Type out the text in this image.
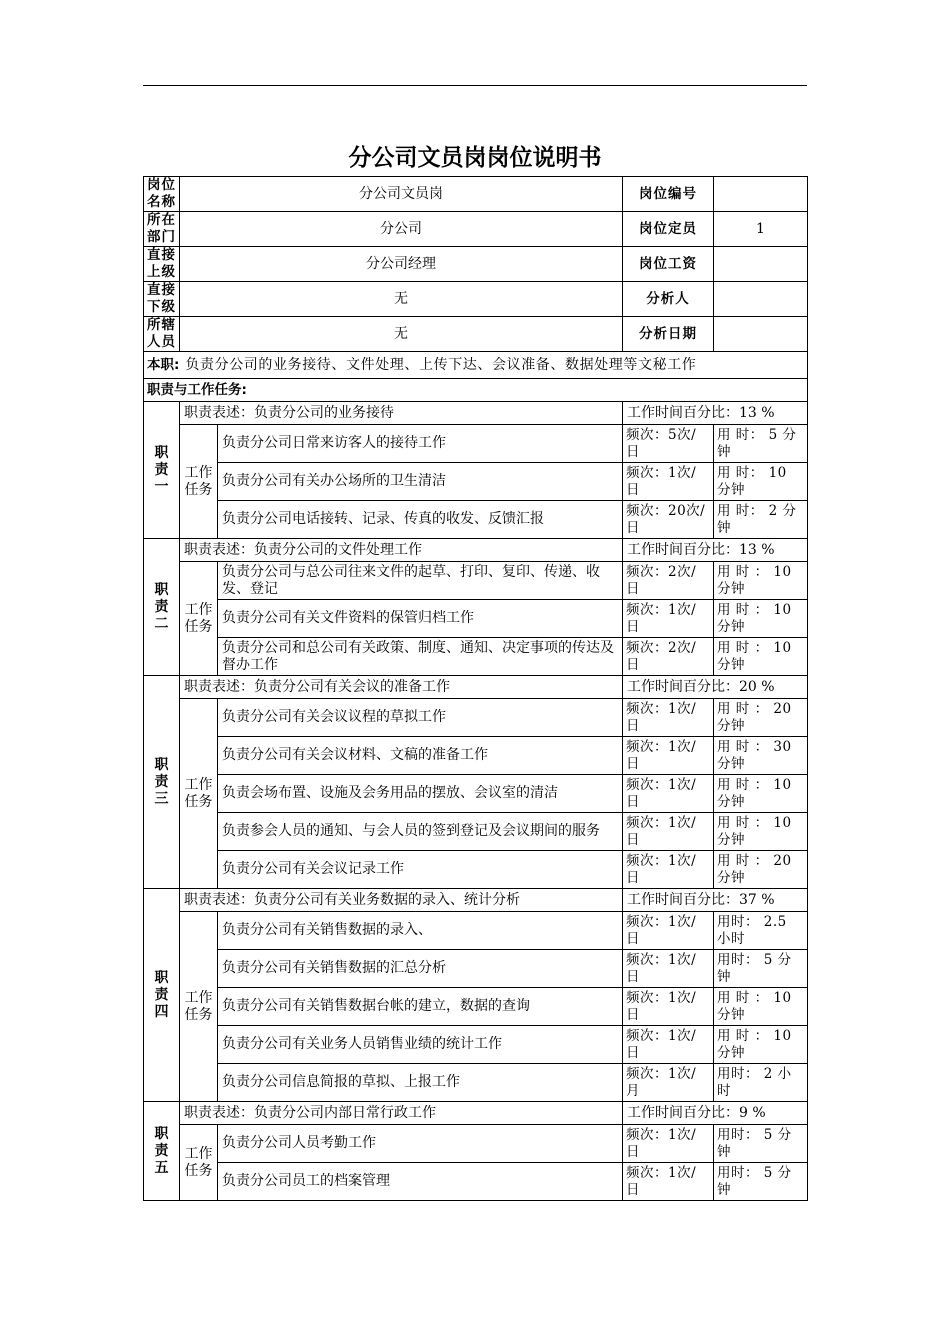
分公司文员岗岗位说明书
岗位名称	分公司文员岗		岗位编号	
所在部门	分公司		岗位定员	1
直接上级	分公司经理		岗位工资	
直接下级	无		分析人	
所辖人员	无		分析日期	
本职: 负责分公司的业务接待、文件处理、上传下达、会议准备、数据处理等文秘工作				
职责与工作任务:				

职
责
一	职责表述：负责分公司的业务接待		工作时间百分比：13 %	
	工作任务	负责分公司日常来访客人的接待工作	频次：5次/日	用 时： 5 分钟
		负责分公司有关办公场所的卫生清洁	频次：1次/日	用 时： 10 分钟
		负责分公司电话接转、记录、传真的收发、反馈汇报	频次：20次/日	用 时： 2 分钟

职
责
二	职责表述：负责分公司的文件处理工作		工作时间百分比：13 %	
	工作任务	负责分公司与总公司往来文件的起草、打印、复印、传递、收发、登记	频次：2次/日	用 时 ： 10 分钟
		负责分公司有关文件资料的保管归档工作	频次：1次/日	用 时 ： 10 分钟
		负责分公司和总公司有关政策、制度、通知、决定事项的传达及督办工作	频次：2次/日	用 时 ： 10 分钟

职
责
三	职责表述：负责分公司有关会议的准备工作		工作时间百分比：20 %	
	工作任务	负责分公司有关会议议程的草拟工作	频次：1次/日	用 时 ： 20 分钟
		负责分公司有关会议材料、文稿的准备工作	频次：1次/日	用 时 ： 30 分钟
		负责会场布置、设施及会务用品的摆放、会议室的清洁	频次：1次/日	用 时 ： 10 分钟
		负责参会人员的通知、与会人员的签到登记及会议期间的服务	频次：1次/日	用 时 ： 10 分钟
		负责分公司有关会议记录工作	频次：1次/日	用 时 ： 20 分钟

职
责
四	职责表述：负责分公司有关业务数据的录入、统计分析		工作时间百分比：37 %	
	工作任务	负责分公司有关销售数据的录入、	频次：1次/日	用时： 2.5 小时
		负责分公司有关销售数据的汇总分析	频次：1次/日	用时： 5 分钟
		负责分公司有关销售数据台帐的建立，数据的查询	频次：1次/日	用 时 ： 10 分钟
		负责分公司有关业务人员销售业绩的统计工作	频次：1次/日	用 时 ： 10 分钟
		负责分公司信息简报的草拟、上报工作	频次：1次/月	用时： 2 小时

职
责
五	职责表述：负责分公司内部日常行政工作		工作时间百分比：9 %	
	工作任务	负责分公司人员考勤工作	频次：1次/日	用时： 5 分钟
		负责分公司员工的档案管理	频次：1次/日	用时： 5 分钟
